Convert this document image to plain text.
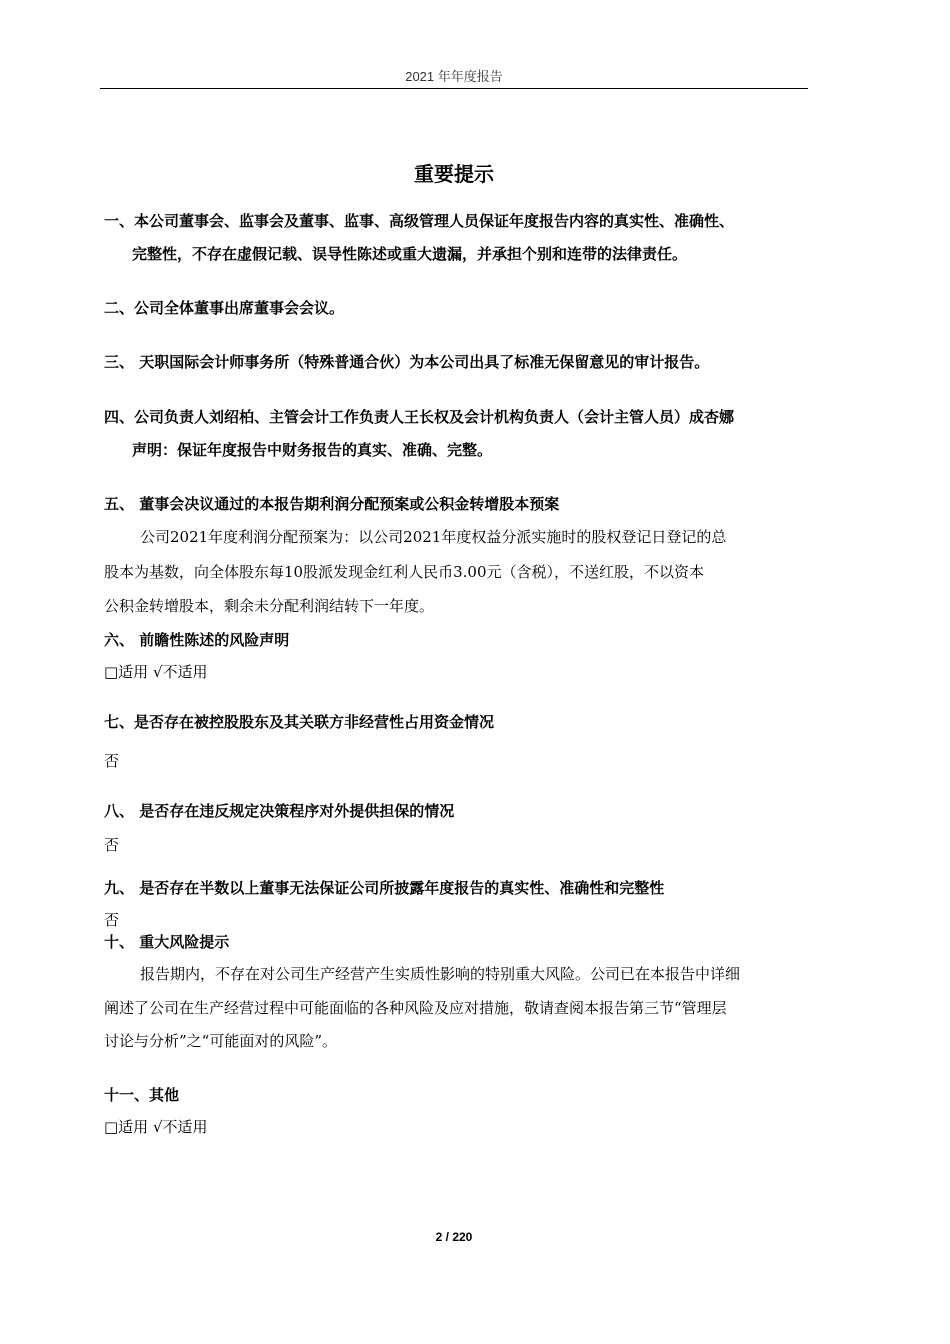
2021 年年度报告
重要提示
一、本公司董事会、监事会及董事、监事、高级管理人员保证年度报告内容的真实性、准确性、
完整性，不存在虚假记载、误导性陈述或重大遗漏，并承担个别和连带的法律责任。
二、公司全体董事出席董事会会议。
三、 天职国际会计师事务所（特殊普通合伙）为本公司出具了标准无保留意见的审计报告。
四、公司负责人刘绍柏、主管会计工作负责人王长权及会计机构负责人（会计主管人员）成杏娜
声明：保证年度报告中财务报告的真实、准确、完整。
五、 董事会决议通过的本报告期利润分配预案或公积金转增股本预案
公司2021年度利润分配预案为：以公司2021年度权益分派实施时的股权登记日登记的总
股本为基数，向全体股东每10股派发现金红利人民币3.00元（含税），不送红股，不以资本
公积金转增股本，剩余未分配利润结转下一年度。
六、 前瞻性陈述的风险声明
□适用 √不适用
七、是否存在被控股股东及其关联方非经营性占用资金情况
否
八、 是否存在违反规定决策程序对外提供担保的情况
否
九、 是否存在半数以上董事无法保证公司所披露年度报告的真实性、准确性和完整性
否
十、 重大风险提示
报告期内，不存在对公司生产经营产生实质性影响的特别重大风险。公司已在本报告中详细
阐述了公司在生产经营过程中可能面临的各种风险及应对措施，敬请查阅本报告第三节“管理层
讨论与分析”之“可能面对的风险”。
十一、其他
□适用 √不适用
2 / 220
